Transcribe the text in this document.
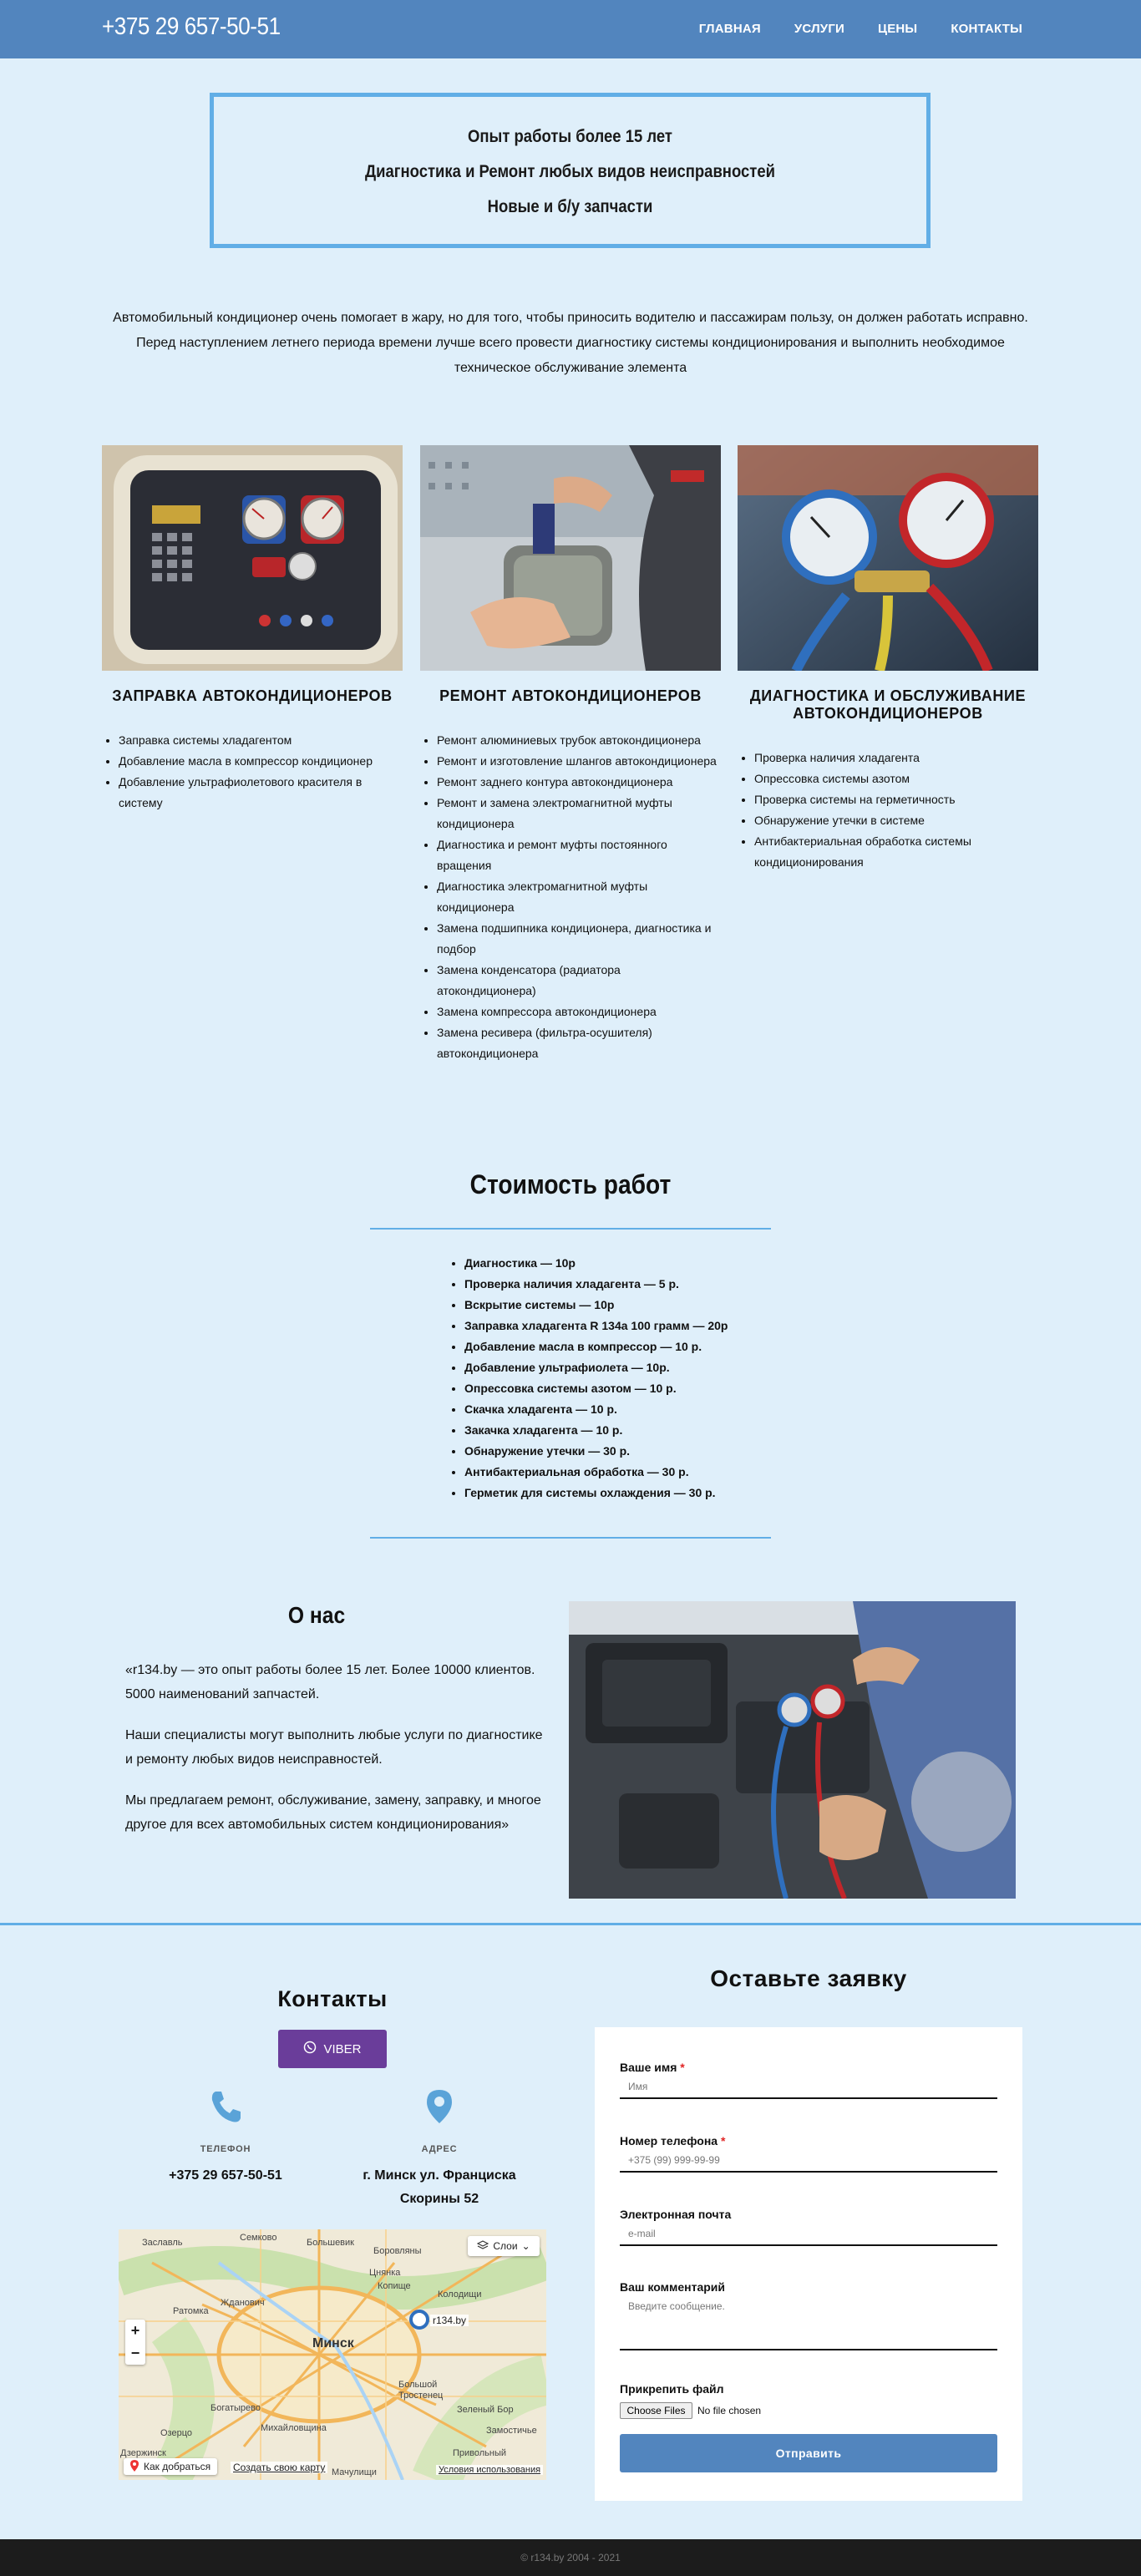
+375 29 657-50-51	ГЛАВНАЯ	УСЛУГИ	ЦЕНЫ	КОНТАКТЫ

Опыт работы более 15 лет

Диагностика и Ремонт любых видов неисправностей

Новые и б/у запчасти

Автомобильный кондиционер очень помогает в жару, но для того, чтобы приносить водителю и пассажирам пользу, он должен работать исправно. Перед наступлением летнего периода времени лучше всего провести диагностику системы кондиционирования и выполнить необходимое техническое обслуживание элемента
ЗАПРАВКА АВТОКОНДИЦИОНЕРОВ
• Заправка системы хладагентом
• Добавление масла в компрессор кондиционер
• Добавление ультрафиолетового красителя в систему
РЕМОНТ АВТОКОНДИЦИОНЕРОВ
• Ремонт алюминиевых трубок автокондиционера
• Ремонт и изготовление шлангов автокондиционера
• Ремонт заднего контура автокондиционера
• Ремонт и замена электромагнитной муфты кондиционера
• Диагностика и ремонт муфты постоянного вращения
• Диагностика электромагнитной муфты кондиционера
• Замена подшипника кондиционера, диагностика и подбор
• Замена конденсатора (радиатора атокондиционера)
• Замена компрессора автокондиционера
• Замена ресивера (фильтра-осушителя) автокондиционера
ДИАГНОСТИКА И ОБСЛУЖИВАНИЕ АВТОКОНДИЦИОНЕРОВ
• Проверка наличия хладагента
• Опрессовка системы азотом
• Проверка системы на герметичность
• Обнаружение утечки в системе
• Антибактериальная обработка системы кондиционирования
Стоимость работ
• Диагностика — 10р
• Проверка наличия хладагента — 5 р.
• Вскрытие системы — 10р
• Заправка хладагента R 134a 100 грамм — 20р
• Добавление масла в компрессор — 10 р.
• Добавление ультрафиолета — 10р.
• Опрессовка системы азотом — 10 р.
• Скачка хладагента — 10 р.
• Закачка хладагента — 10 р.
• Обнаружение утечки — 30 р.
• Антибактериальная обработка — 30 р.
• Герметик для системы охлаждения — 30 р.
О нас

«r134.by — это опыт работы более 15 лет. Более 10000 клиентов. 5000 наименований запчастей.

Наши специалисты могут выполнить любые услуги по диагностике и ремонту любых видов неисправностей.

Мы предлагаем ремонт, обслуживание, замену, заправку, и многое другое для всех автомобильных систем кондиционирования»

Контакты
VIBER
ТЕЛЕФОН
+375 29 657-50-51
АДРЕС
г. Минск ул. Франциска Скорины 52
Слои ⌄
+
−
Заславль	Семково	Большевик
Боровляны
Цнянка
Ратомка
Жданович
Копище
Колодищи
Минск
Большой Тростенец
Богатырево
Озерцо	Михайловщина
Зеленый Бор
Замостичье
Мачулищи
Привольный
Дзержинск
r134.by
Как добраться Создать свою карту	Условия использования
Оставьте заявку
Ваше имя *
Имя
Номер телефона *
+375 (99) 999-99-99
Электронная почта
e-mail
Ваш комментарий
Введите сообщение.
Прикрепить файл
Choose Files	No file chosen
Отправить
© r134.by 2004 - 2021
